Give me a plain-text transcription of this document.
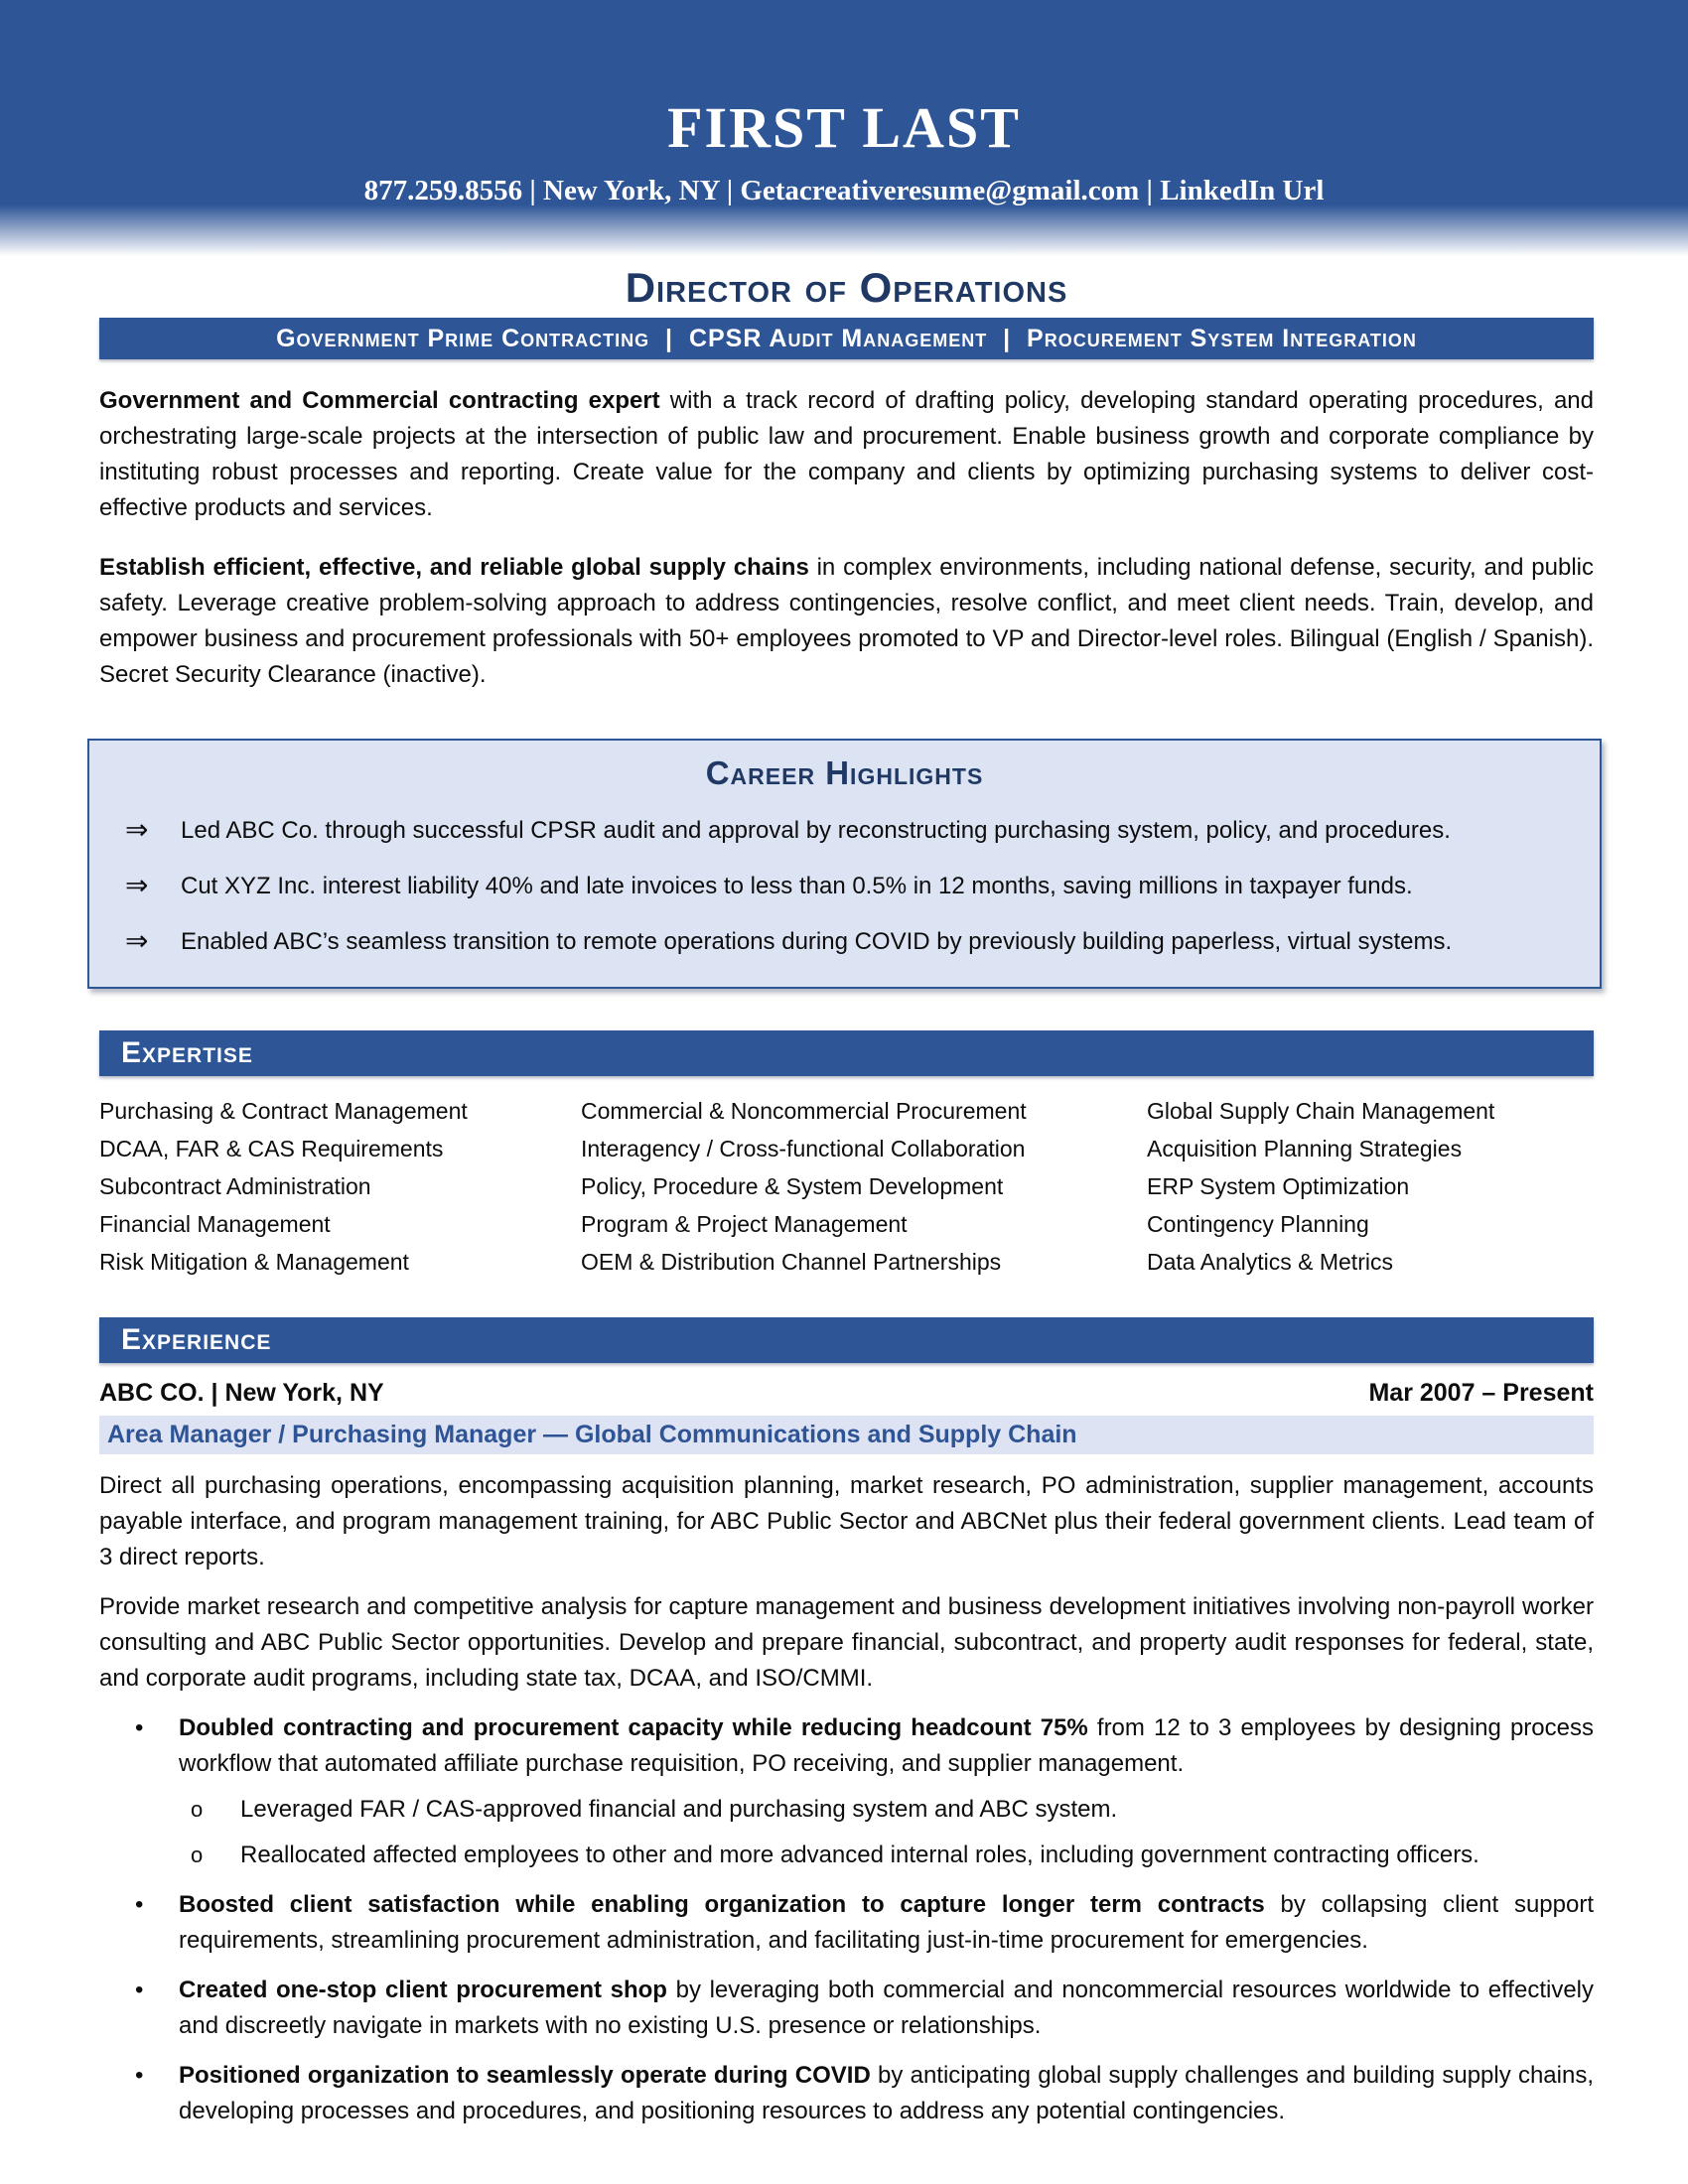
FIRST LAST
877.259.8556 | New York, NY | Getacreativeresume@gmail.com | LinkedIn Url
Director of Operations
Government Prime Contracting  |  CPSR Audit Management  |  Procurement System Integration

Government and Commercial contracting expert with a track record of drafting policy, developing standard operating procedures, and orchestrating large-scale projects at the intersection of public law and procurement. Enable business growth and corporate compliance by instituting robust processes and reporting. Create value for the company and clients by optimizing purchasing systems to deliver cost-effective products and services.

Establish efficient, effective, and reliable global supply chains in complex environments, including national defense, security, and public safety. Leverage creative problem-solving approach to address contingencies, resolve conflict, and meet client needs. Train, develop, and empower business and procurement professionals with 50+ employees promoted to VP and Director-level roles. Bilingual (English / Spanish). Secret Security Clearance (inactive).

Career Highlights
⇒	Led ABC Co. through successful CPSR audit and approval by reconstructing purchasing system, policy, and procedures.
⇒	Cut XYZ Inc. interest liability 40% and late invoices to less than 0.5% in 12 months, saving millions in taxpayer funds.
⇒	Enabled ABC’s seamless transition to remote operations during COVID by previously building paperless, virtual systems.
Expertise
Purchasing & Contract Management	Commercial & Noncommercial Procurement	Global Supply Chain Management
DCAA, FAR & CAS Requirements	Interagency / Cross-functional Collaboration	Acquisition Planning Strategies
Subcontract Administration	Policy, Procedure & System Development	ERP System Optimization
Financial Management	Program & Project Management	Contingency Planning
Risk Mitigation & Management	OEM & Distribution Channel Partnerships	Data Analytics & Metrics
Experience
ABC CO. | New York, NY	Mar 2007 – Present
Area Manager / Purchasing Manager — Global Communications and Supply Chain

Direct all purchasing operations, encompassing acquisition planning, market research, PO administration, supplier management, accounts payable interface, and program management training, for ABC Public Sector and ABCNet plus their federal government clients. Lead team of 3 direct reports.

Provide market research and competitive analysis for capture management and business development initiatives involving non-payroll worker consulting and ABC Public Sector opportunities. Develop and prepare financial, subcontract, and property audit responses for federal, state, and corporate audit programs, including state tax, DCAA, and ISO/CMMI.

•	Doubled contracting and procurement capacity while reducing headcount 75% from 12 to 3 employees by designing process workflow that automated affiliate purchase requisition, PO receiving, and supplier management.

o	Leveraged FAR / CAS-approved financial and purchasing system and ABC system.

o	Reallocated affected employees to other and more advanced internal roles, including government contracting officers.

•	Boosted client satisfaction while enabling organization to capture longer term contracts by collapsing client support requirements, streamlining procurement administration, and facilitating just-in-time procurement for emergencies.

•	Created one-stop client procurement shop by leveraging both commercial and noncommercial resources worldwide to effectively and discreetly navigate in markets with no existing U.S. presence or relationships.

•	Positioned organization to seamlessly operate during COVID by anticipating global supply challenges and building supply chains, developing processes and procedures, and positioning resources to address any potential contingencies.
